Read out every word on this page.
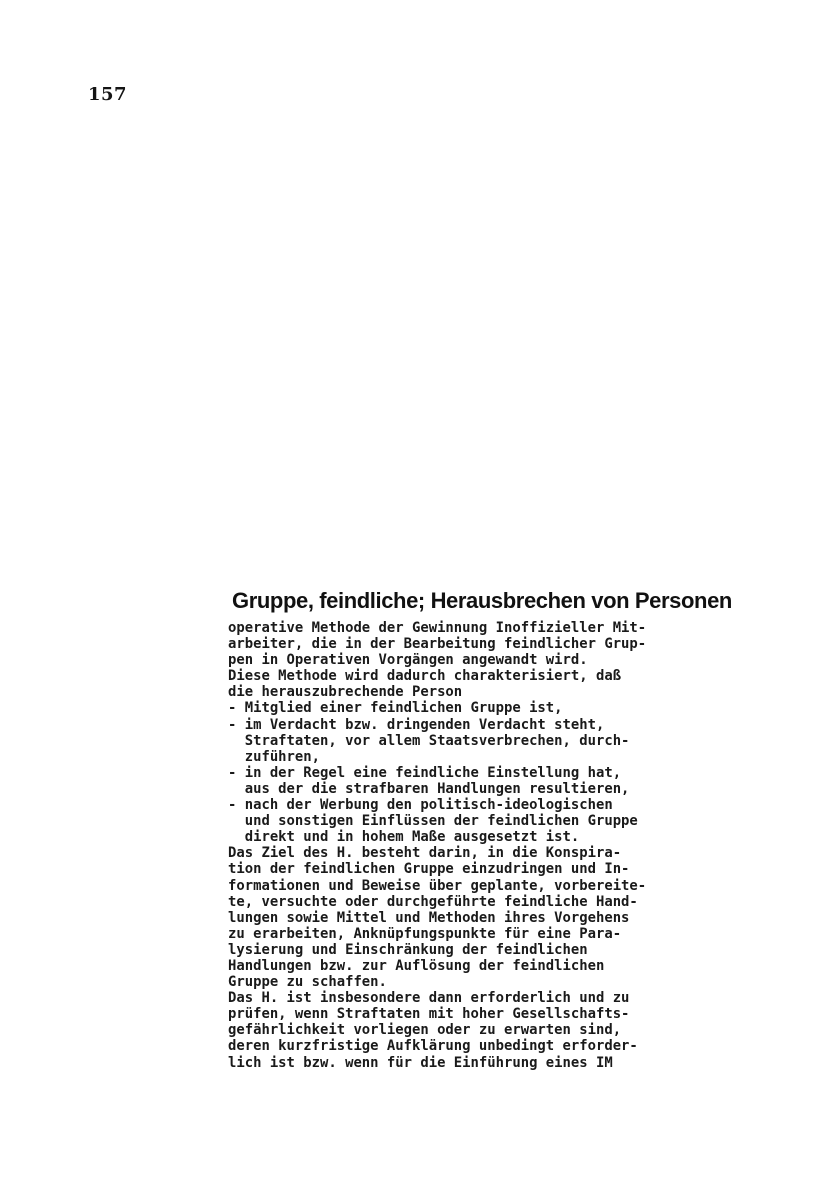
157
Gruppe, feindliche; Herausbrechen von Personen
operative Methode der Gewinnung Inoffizieller Mit-
arbeiter, die in der Bearbeitung feindlicher Grup-
pen in Operativen Vorgängen angewandt wird.
Diese Methode wird dadurch charakterisiert, daß
die herauszubrechende Person
- Mitglied einer feindlichen Gruppe ist,
- im Verdacht bzw. dringenden Verdacht steht,
Straftaten, vor allem Staatsverbrechen, durch-
zuführen,
- in der Regel eine feindliche Einstellung hat,
aus der die strafbaren Handlungen resultieren,
- nach der Werbung den politisch-ideologischen
und sonstigen Einflüssen der feindlichen Gruppe
direkt und in hohem Maße ausgesetzt ist.
Das Ziel des H. besteht darin, in die Konspira-
tion der feindlichen Gruppe einzudringen und In-
formationen und Beweise über geplante, vorbereite-
te, versuchte oder durchgeführte feindliche Hand-
lungen sowie Mittel und Methoden ihres Vorgehens
zu erarbeiten, Anknüpfungspunkte für eine Para-
lysierung und Einschränkung der feindlichen
Handlungen bzw. zur Auflösung der feindlichen
Gruppe zu schaffen.
Das H. ist insbesondere dann erforderlich und zu
prüfen, wenn Straftaten mit hoher Gesellschafts-
gefährlichkeit vorliegen oder zu erwarten sind,
deren kurzfristige Aufklärung unbedingt erforder-
lich ist bzw. wenn für die Einführung eines IM
